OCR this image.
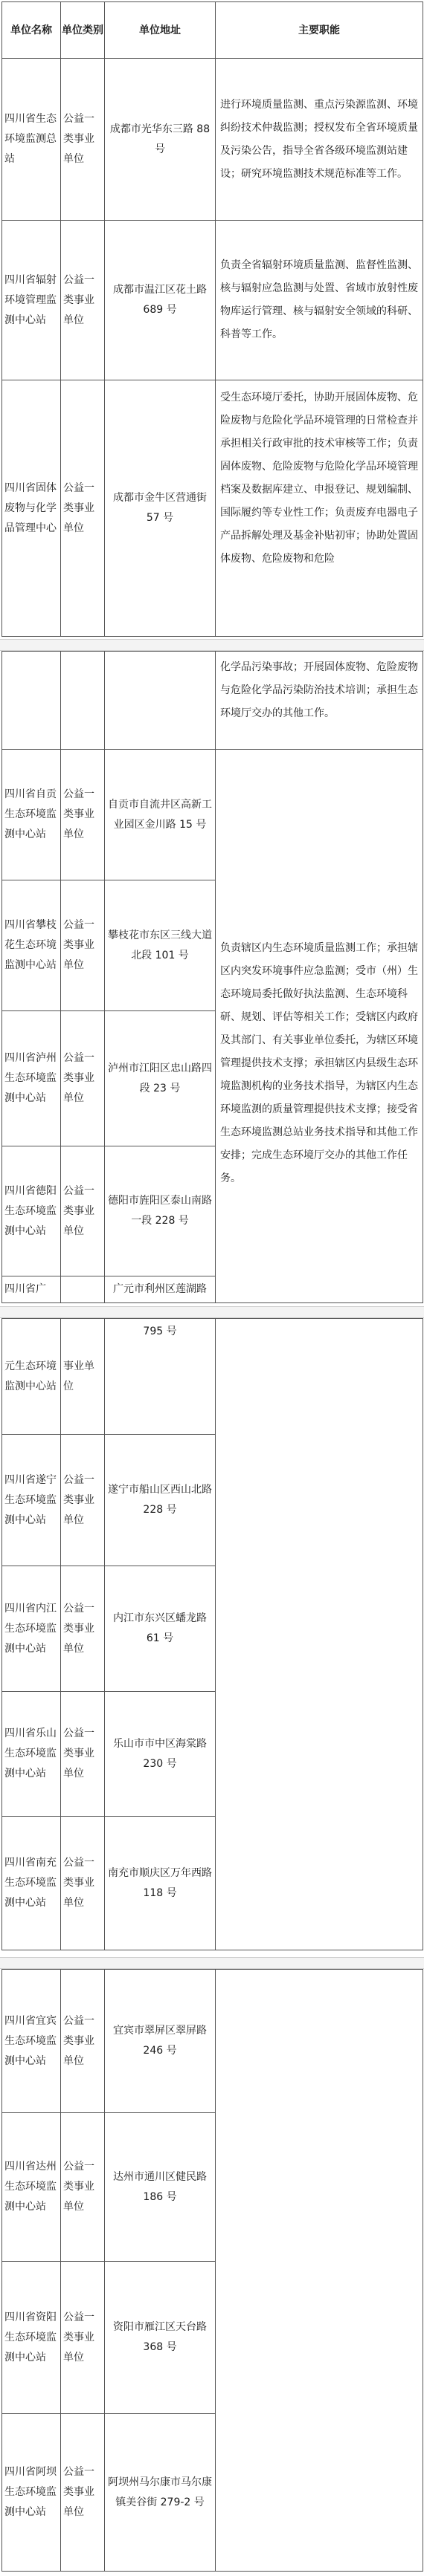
单位名称	单位类别	单位地址	主要职能
四川省生态环境监测总站	公益一类事业单位	成都市光华东三路 88 号	进行环境质量监测、重点污染源监测、环境纠纷技术仲裁监测；授权发布全省环境质量及污染公告，指导全省各级环境监测站建设；研究环境监测技术规范标准等工作。
四川省辐射环境管理监测中心站	公益一类事业单位	成都市温江区花土路 689 号	负责全省辐射环境质量监测、监督性监测、核与辐射应急监测与处置、省域市放射性废物库运行管理、核与辐射安全领域的科研、科普等工作。
四川省固体废物与化学品管理中心	公益一类事业单位	成都市金牛区营通街 57 号	受生态环境厅委托，协助开展固体废物、危险废物与危险化学品环境管理的日常检查并承担相关行政审批的技术审核等工作；负责固体废物、危险废物与危险化学品环境管理档案及数据库建立、申报登记、规划编制、国际履约等专业性工作；负责废弃电器电子产品拆解处理及基金补贴初审；协助处置固体废物、危险废物和危险
			化学品污染事故；开展固体废物、危险废物与危险化学品污染防治技术培训；承担生态环境厅交办的其他工作。
四川省自贡生态环境监测中心站	公益一类事业单位	自贡市自流井区高新工业园区金川路 15 号	负责辖区内生态环境质量监测工作；承担辖区内突发环境事件应急监测；受市（州）生态环境局委托做好执法监测、生态环境科研、规划、评估等相关工作；受辖区内政府及其部门、有关事业单位委托，为辖区环境管理提供技术支撑；承担辖区内县级生态环境监测机构的业务技术指导，为辖区内生态环境监测的质量管理提供技术支撑；接受省生态环境监测总站业务技术指导和其他工作安排；完成生态环境厅交办的其他工作任务。
四川省攀枝花生态环境监测中心站	公益一类事业单位	攀枝花市东区三线大道北段 101 号	
四川省泸州生态环境监测中心站	公益一类事业单位	泸州市江阳区忠山路四段 23 号	
四川省德阳生态环境监测中心站	公益一类事业单位	德阳市旌阳区泰山南路一段 228 号	
四川省广		广元市利州区莲湖路	
元生态环境监测中心站	事业单位	795 号	
四川省遂宁生态环境监测中心站	公益一类事业单位	遂宁市船山区西山北路 228 号	
四川省内江生态环境监测中心站	公益一类事业单位	内江市东兴区蟠龙路 61 号	
四川省乐山生态环境监测中心站	公益一类事业单位	乐山市市中区海棠路 230 号	
四川省南充生态环境监测中心站	公益一类事业单位	南充市顺庆区万年西路 118 号	
四川省宜宾生态环境监测中心站	公益一类事业单位	宜宾市翠屏区翠屏路 246 号	
四川省达州生态环境监测中心站	公益一类事业单位	达州市通川区健民路 186 号	
四川省资阳生态环境监测中心站	公益一类事业单位	资阳市雁江区天台路 368 号	
四川省阿坝生态环境监测中心站	公益一类事业单位	阿坝州马尔康市马尔康镇美谷街 279-2 号	
